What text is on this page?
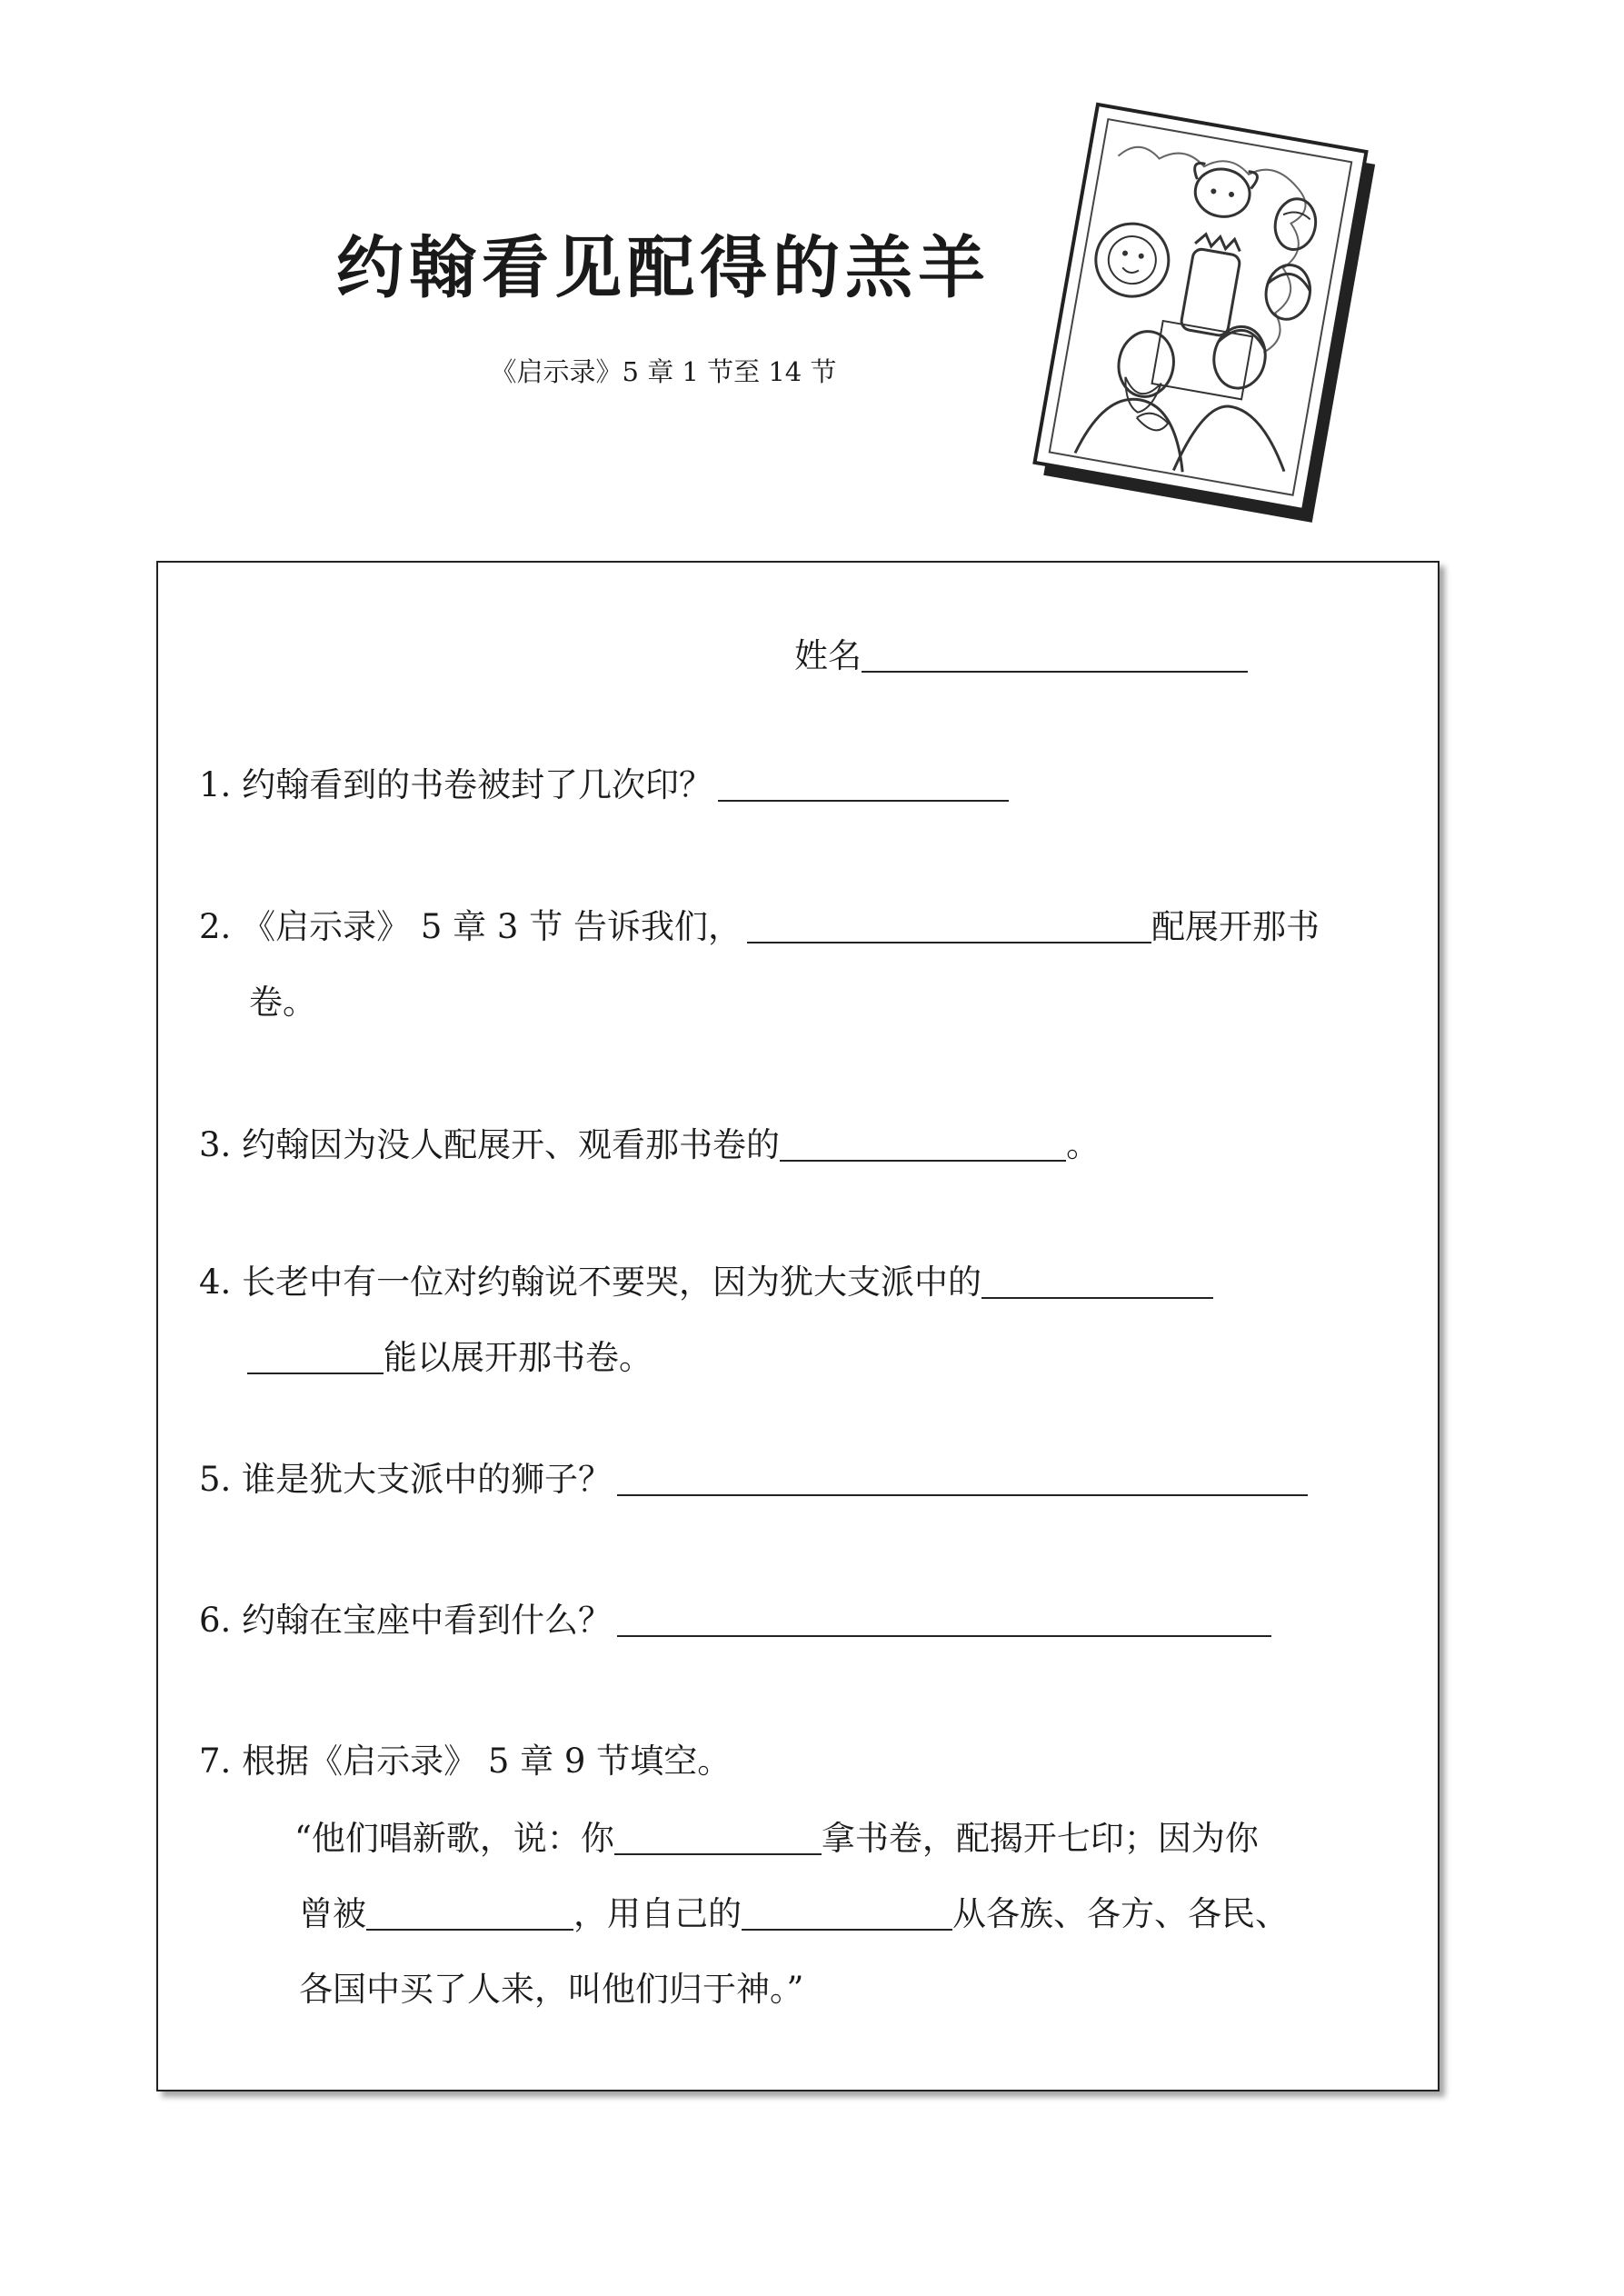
约翰看见配得的羔羊
《启示录》5 章 1 节至 14 节
姓名
1. 约翰看到的书卷被封了几次印？
2. 《启示录》 5 章 3 节 告诉我们，	配展开那书
卷。
3. 约翰因为没人配展开、观看那书卷的	。
4. 长老中有一位对约翰说不要哭，因为犹大支派中的
能以展开那书卷。
5. 谁是犹大支派中的狮子？
6. 约翰在宝座中看到什么？
7. 根据《启示录》 5 章 9 节填空。
“他们唱新歌，说：你	拿书卷，配揭开七印；因为你
曾被	，用自己的	从各族、各方、各民、
各国中买了人来，叫他们归于神。”
